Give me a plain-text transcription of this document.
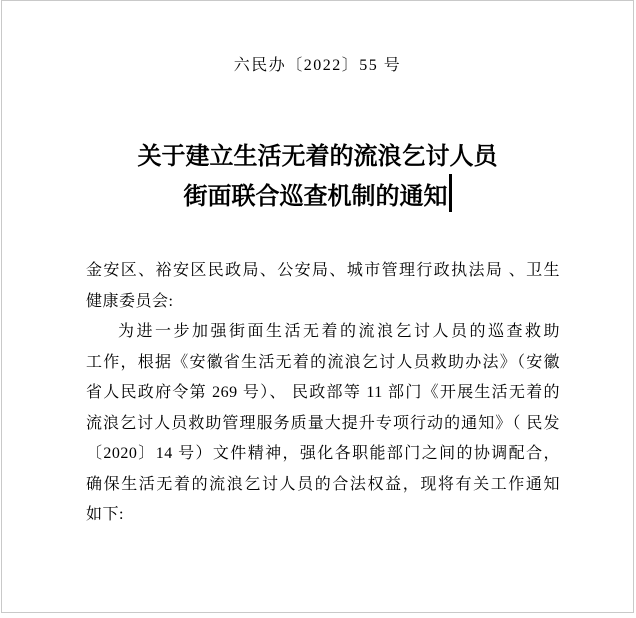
六民办〔2022〕55 号
关于建立生活无着的流浪乞讨人员
街面联合巡查机制的通知
金安区、裕安区民政局、公安局、城市管理行政执法局 、卫生
健康委员会:
为进一步加强街面生活无着的流浪乞讨人员的巡查救助
工作，根据《安徽省生活无着的流浪乞讨人员救助办法》（安徽
省人民政府令第 269 号）、 民政部等 11 部门《开展生活无着的
流浪乞讨人员救助管理服务质量大提升专项行动的通知》（ 民发
〔2020〕14 号）文件精神，强化各职能部门之间的协调配合，
确保生活无着的流浪乞讨人员的合法权益，现将有关工作通知
如下:
